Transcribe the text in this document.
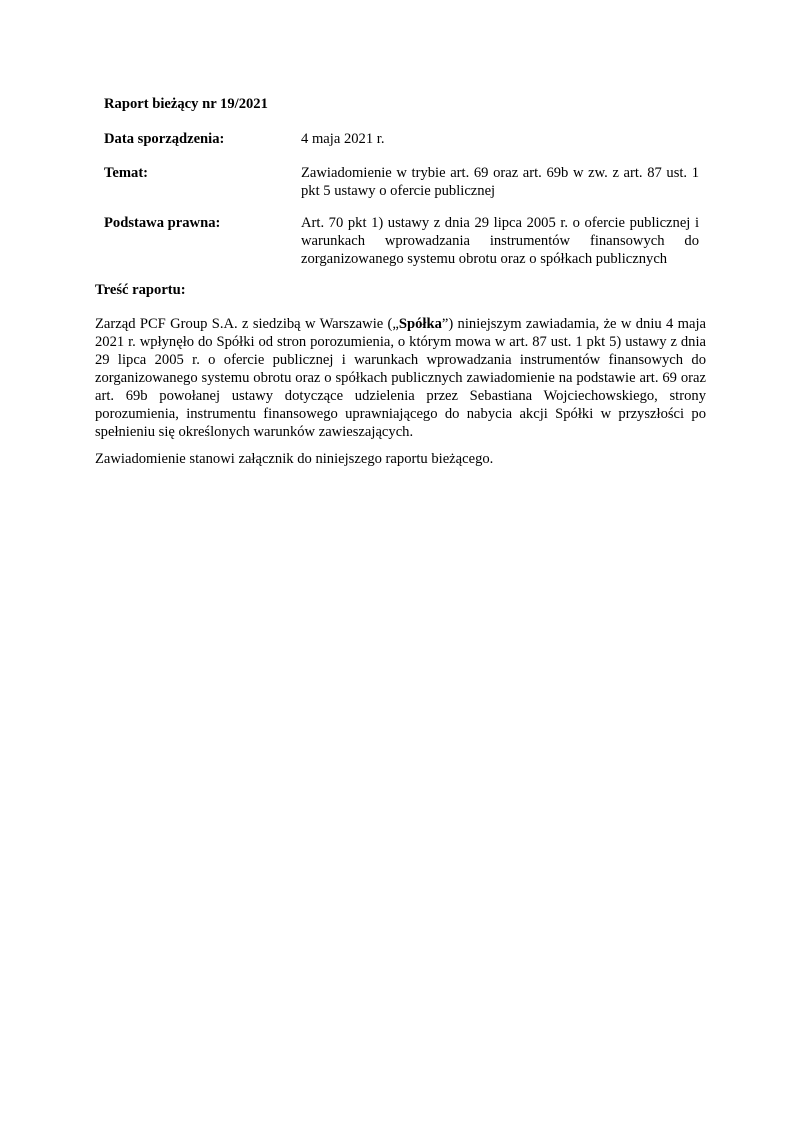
Raport bieżący nr 19/2021

Data sporządzenia:	4 maja 2021 r.
Temat:	Zawiadomienie w trybie art. 69 oraz art. 69b w zw. z art. 87 ust. 1 pkt 5 ustawy o ofercie publicznej
Podstawa prawna:	Art. 70 pkt 1) ustawy z dnia 29 lipca 2005 r. o ofercie publicznej i warunkach wprowadzania instrumentów finansowych do zorganizowanego systemu obrotu oraz o spółkach publicznych

Treść raportu:

Zarząd PCF Group S.A. z siedzibą w Warszawie („Spółka”) niniejszym zawiadamia, że w dniu 4 maja 2021 r. wpłynęło do Spółki od stron porozumienia, o którym mowa w art. 87 ust. 1 pkt 5) ustawy z dnia 29 lipca 2005 r. o ofercie publicznej i warunkach wprowadzania instrumentów finansowych do zorganizowanego systemu obrotu oraz o spółkach publicznych zawiadomienie na podstawie art. 69 oraz art. 69b powołanej ustawy dotyczące udzielenia przez Sebastiana Wojciechowskiego, strony porozumienia, instrumentu finansowego uprawniającego do nabycia akcji Spółki w przyszłości po spełnieniu się określonych warunków zawieszających.

Zawiadomienie stanowi załącznik do niniejszego raportu bieżącego.
